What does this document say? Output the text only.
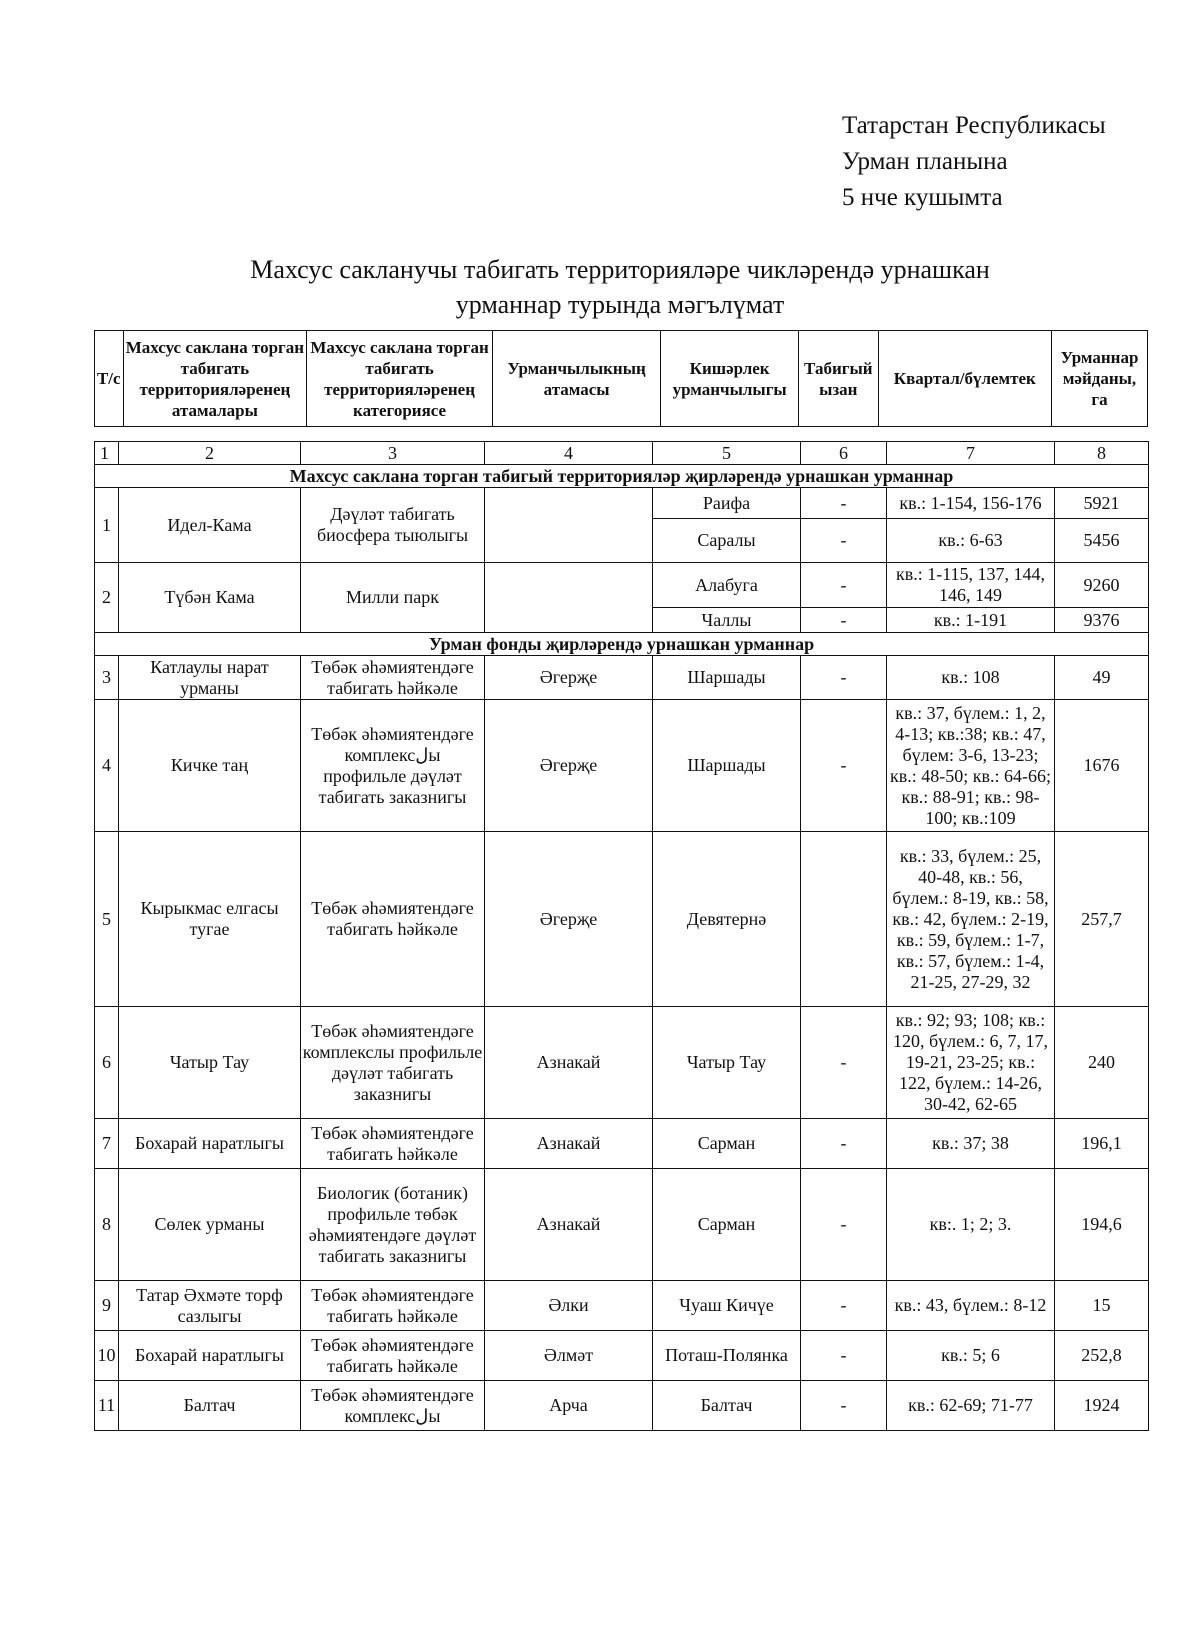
Татарстан Республикасы
Урман планына
5 нче кушымта
Махсус сакланучы табигать территорияләре чикләрендә урнашкан
урманнар турында мәгълүмат
Т/с	Махсус саклана торган табигать территорияләренең атамалары	Махсус саклана торган табигать территорияләренең категориясе	Урманчылыкның атамасы	Кишәрлек урманчылыгы	Табигый ызан	Квартал/бүлемтек	Урманнар мәйданы, га
1	2	3	4	5	6	7	8
Махсус саклана торган табигый территорияләр җирләрендә урнашкан урманнар							
1	Идел-Кама	Дәүләт табигать биосфера тыюлыгы		Раифа	-	кв.: 1-154, 156-176	5921
				Саралы	-	кв.: 6-63	5456
2	Түбән Кама	Милли парк		Алабуга	-	кв.: 1-115, 137, 144, 146, 149	9260
				Чаллы	-	кв.: 1-191	9376
Урман фонды җирләрендә урнашкан урманнар							
3	Катлаулы нарат урманы	Төбәк әһәмиятендәге табигать һәйкәле	Әгерҗе	Шаршады	-	кв.: 108	49
4	Кичке таң	Төбәк әһәмиятендәге комплексلы профильле дәүләт табигать заказнигы	Әгерҗе	Шаршады	-	кв.: 37, бүлем.: 1, 2, 4-13; кв.:38; кв.: 47, бүлем: 3-6, 13-23; кв.: 48-50; кв.: 64-66; кв.: 88-91; кв.: 98-100; кв.:109	1676
5	Кырыкмас елгасы тугае	Төбәк әһәмиятендәге табигать һәйкәле	Әгерҗе	Девятернә		кв.: 33, бүлем.: 25, 40-48, кв.: 56, бүлем.: 8-19, кв.: 58, кв.: 42, бүлем.: 2-19, кв.: 59, бүлем.: 1-7, кв.: 57, бүлем.: 1-4, 21-25, 27-29, 32	257,7
6	Чатыр Тау	Төбәк әһәмиятендәге комплекслы профильле дәүләт табигать заказнигы	Азнакай	Чатыр Тау	-	кв.: 92; 93; 108; кв.: 120, бүлем.: 6, 7, 17, 19-21, 23-25; кв.: 122, бүлем.: 14-26, 30-42, 62-65	240
7	Бохарай нaратлыгы	Төбәк әһәмиятендәге табигать һәйкәле	Азнакай	Сарман	-	кв.: 37; 38	196,1
8	Сөлек урманы	Биологик (ботаник) профильле төбәк әһәмиятендәге дәүләт табигать заказнигы	Азнакай	Сарман	-	кв:. 1; 2; 3.	194,6
9	Татар Әхмәте торф сазлыгы	Төбәк әһәмиятендәге табигать һәйкәле	Әлки	Чуаш Кичүе	-	кв.: 43, бүлем.: 8-12	15
10	Бохарай нaратлыгы	Төбәк әһәмиятендәге табигать һәйкәле	Әлмәт	Поташ-Полянка	-	кв.: 5; 6	252,8
11	Балтач	Төбәк әһәмиятендәге комплексلы	Арча	Балтач	-	кв.: 62-69; 71-77	1924
